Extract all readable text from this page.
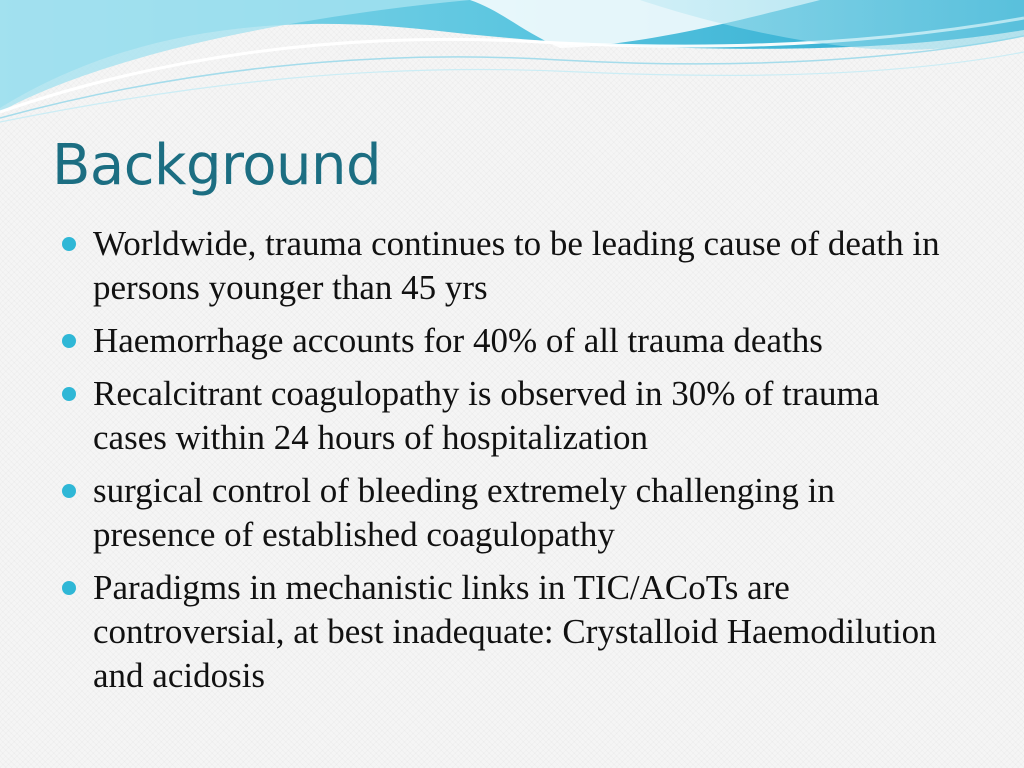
Background
Worldwide, trauma continues to be leading cause of death in persons younger than 45 yrs
Haemorrhage accounts for 40% of all trauma deaths
Recalcitrant coagulopathy is observed in 30% of trauma cases within 24 hours of hospitalization
surgical control of bleeding extremely challenging in presence of established coagulopathy
Paradigms in mechanistic links in TIC/ACoTs are controversial, at best inadequate: Crystalloid Haemodilution and acidosis
